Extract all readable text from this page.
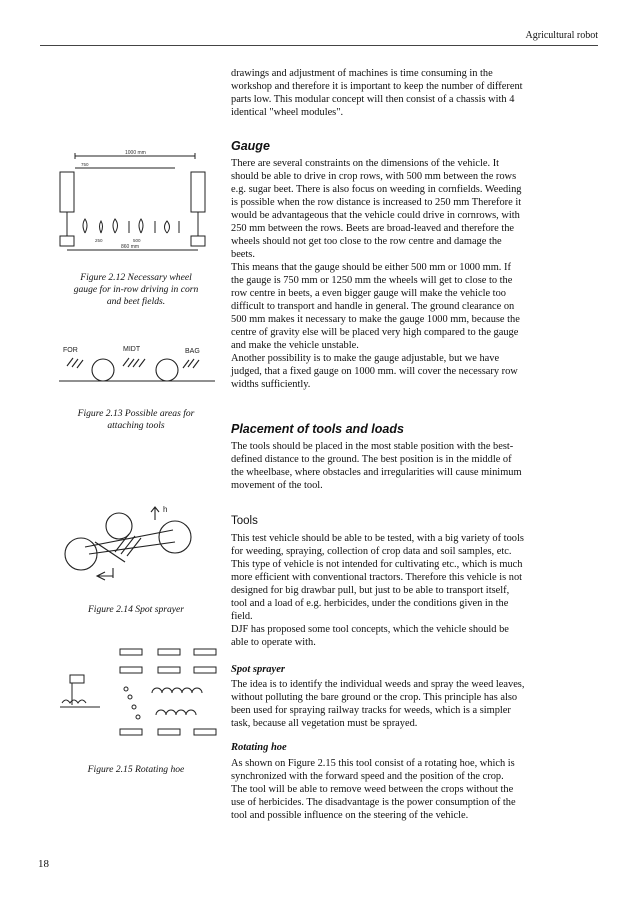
Agricultural robot
1000 mm
750
250	500
860 mm
Figure 2.12 Necessary wheel
gauge for in-row driving in corn
and beet fields.
FOR	MIDT	BAG
Figure 2.13 Possible areas for
attaching tools
h
Figure 2.14 Spot sprayer
Figure 2.15 Rotating hoe

drawings and adjustment of machines is time consuming in the

workshop and therefore it is important to keep the number of different

parts low. This modular concept will then consist of a chassis with 4

identical "wheel modules".

Gauge

There are several constraints on the dimensions of the vehicle. It

should be able to drive in crop rows, with 500 mm between the rows

e.g. sugar beet. There is also focus on weeding in cornfields. Weeding

is possible when the row distance is increased to 250 mm Therefore it

would be advantageous that the vehicle could drive in cornrows, with

250 mm between the rows. Beets are broad-leaved and therefore the

wheels should not get too close to the row centre and damage the

beets.

This means that the gauge should be either 500 mm or 1000 mm. If

the gauge is 750 mm or 1250 mm the wheels will get to close to the

row centre in beets, a even bigger gauge will make the vehicle too

difficult to transport and handle in general. The ground clearance on

500 mm makes it necessary to make the gauge 1000 mm, because the

centre of gravity else will be placed very high compared to the gauge

and make the vehicle unstable.

Another possibility is to make the gauge adjustable, but we have

judged, that a fixed gauge on 1000 mm. will cover the necessary row

widths sufficiently.

Placement of tools and loads

The tools should be placed in the most stable position with the best-

defined distance to the ground. The best position is in the middle of

the wheelbase, where obstacles and irregularities will cause minimum

movement of the tool.

Tools

This test vehicle should be able to be tested, with a big variety of tools

for weeding, spraying, collection of crop data and soil samples, etc.

This type of vehicle is not intended for cultivating etc., which is much

more efficient with conventional tractors. Therefore this vehicle is not

designed for big drawbar pull, but just to be able to transport itself,

tool and a load of e.g. herbicides, under the conditions given in the

field.

DJF has proposed some tool concepts, which the vehicle should be

able to operate with.

Spot sprayer

The idea is to identify the individual weeds and spray the weed leaves,

without polluting the bare ground or the crop. This principle has also

been used for spraying railway tracks for weeds, which is a simpler

task, because all vegetation must be sprayed.

Rotating hoe

As shown on Figure 2.15 this tool consist of a rotating hoe, which is

synchronized with the forward speed and the position of the crop.

The tool will be able to remove weed between the crops without the

use of herbicides. The disadvantage is the power consumption of the

tool and possible influence on the steering of the vehicle.

18
